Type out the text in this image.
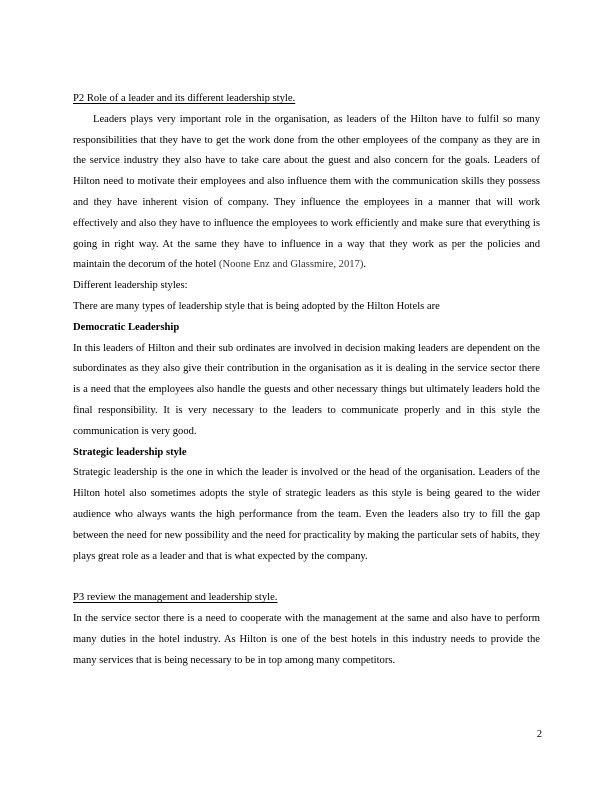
P2 Role of a leader and its different leadership style.
Leaders plays very important role in the organisation, as leaders of the Hilton have to fulfil so many responsibilities that they have to get the work done from the other employees of the company as they are in the service industry they also have to take care about the guest and also concern for the goals. Leaders of Hilton need to motivate their employees and also influence them with the communication skills they possess and they have inherent vision of company. They influence the employees in a manner that will work effectively and also they have to influence the employees to work efficiently and make sure that everything is going in right way. At the same they have to influence in a way that they work as per the policies and maintain the decorum of the hotel (Noone Enz and Glassmire, 2017).
Different leadership styles:
There are many types of leadership style that is being adopted by the Hilton Hotels are
Democratic Leadership
In this leaders of Hilton and their sub ordinates are involved in decision making leaders are dependent on the subordinates as they also give their contribution in the organisation as it is dealing in the service sector there is a need that the employees also handle the guests and other necessary things but ultimately leaders hold the final responsibility. It is very necessary to the leaders to communicate properly and in this style the communication is very good.
Strategic leadership style
Strategic leadership is the one in which the leader is involved or the head of the organisation. Leaders of the Hilton hotel also sometimes adopts the style of strategic leaders as this style is being geared to the wider audience who always wants the high performance from the team. Even the leaders also try to fill the gap between the need for new possibility and the need for practicality by making the particular sets of habits, they plays great role as a leader and that is what expected by the company.
P3 review the management and leadership style.
In the service sector there is a need to cooperate with the management at the same and also have to perform many duties in the hotel industry. As Hilton is one of the best hotels in this industry needs to provide the many services that is being necessary to be in top among many competitors.
2
